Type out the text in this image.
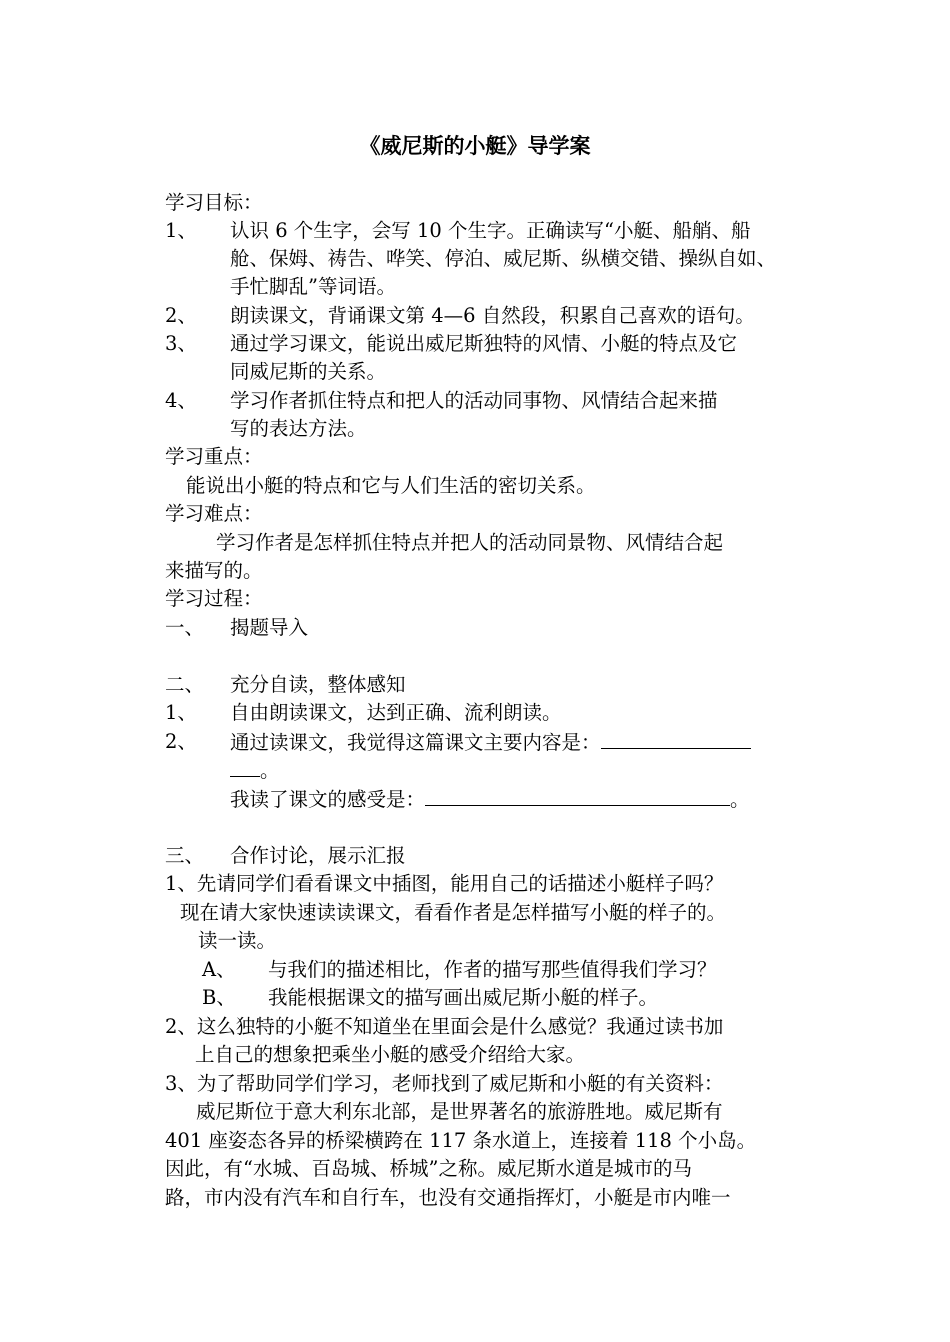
《威尼斯的小艇》导学案
学习目标：
1、 认识 6 个生字，会写 10 个生字。正确读写“小艇、船艄、船
舱、保姆、祷告、哗笑、停泊、威尼斯、纵横交错、操纵自如、
手忙脚乱”等词语。
2、 朗读课文，背诵课文第 4—6 自然段，积累自己喜欢的语句。
3、 通过学习课文，能说出威尼斯独特的风情、小艇的特点及它
同威尼斯的关系。
4、 学习作者抓住特点和把人的活动同事物、风情结合起来描
写的表达方法。
学习重点：
能说出小艇的特点和它与人们生活的密切关系。
学习难点：
学习作者是怎样抓住特点并把人的活动同景物、风情结合起
来描写的。
学习过程：
一、 揭题导入
二、 充分自读，整体感知
1、 自由朗读课文，达到正确、流利朗读。
2、 通过读课文，我觉得这篇课文主要内容是：
。
我读了课文的感受是：	。
三、 合作讨论，展示汇报
1、先请同学们看看课文中插图，能用自己的话描述小艇样子吗？
现在请大家快速读读课文，看看作者是怎样描写小艇的样子的。
读一读。
A、 与我们的描述相比，作者的描写那些值得我们学习？
B、 我能根据课文的描写画出威尼斯小艇的样子。
2、这么独特的小艇不知道坐在里面会是什么感觉？我通过读书加
上自己的想象把乘坐小艇的感受介绍给大家。
3、为了帮助同学们学习，老师找到了威尼斯和小艇的有关资料：
威尼斯位于意大利东北部，是世界著名的旅游胜地。威尼斯有
401 座姿态各异的桥梁横跨在 117 条水道上，连接着 118 个小岛。
因此，有“水城、百岛城、桥城”之称。威尼斯水道是城市的马
路，市内没有汽车和自行车，也没有交通指挥灯，小艇是市内唯一
